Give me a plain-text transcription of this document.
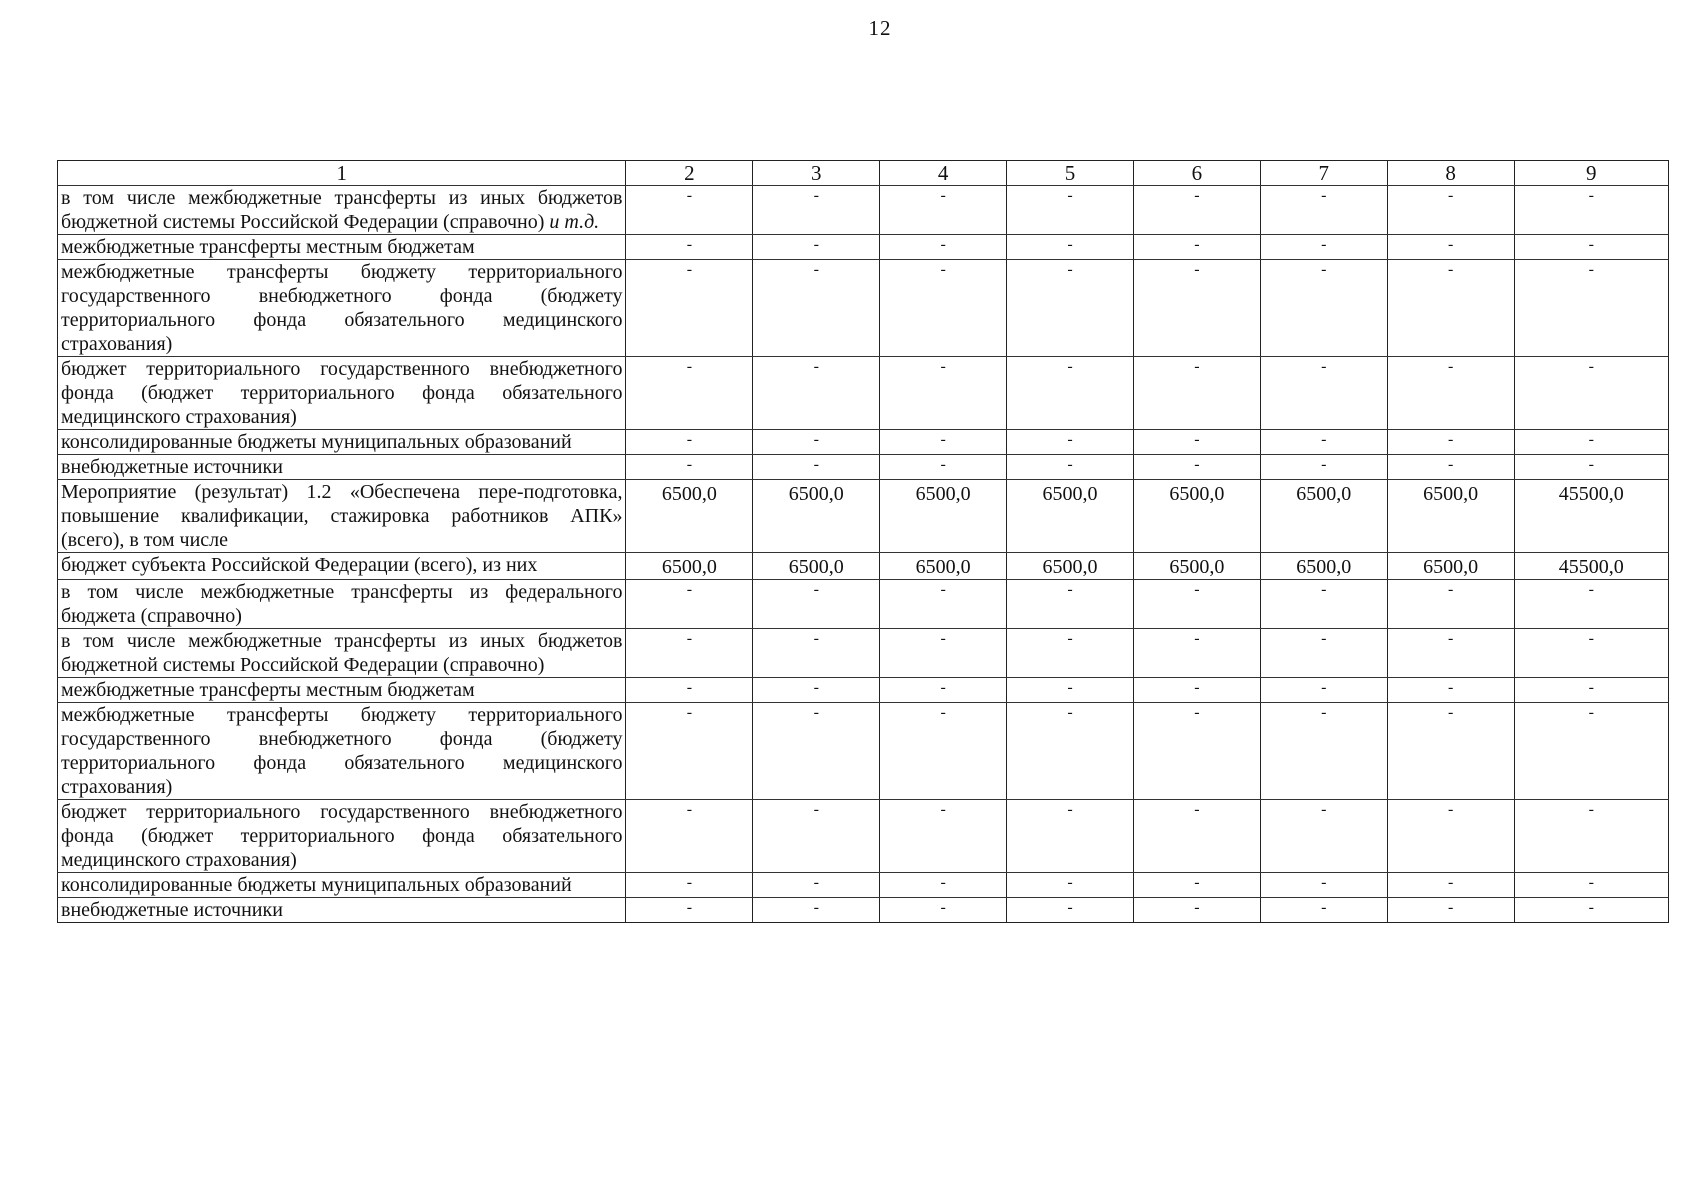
12
1	2	3	4	5	6	7	8	9
в том числе межбюджетные трансферты из иных бюджетов бюджетной системы Российской Федерации (справочно) и т.д.	-	-	-	-	-	-	-	-
межбюджетные трансферты местным бюджетам	-	-	-	-	-	-	-	-
межбюджетные трансферты бюджету территориального государственного внебюджетного фонда (бюджету территориального фонда обязательного медицинского страхования)	-	-	-	-	-	-	-	-
бюджет территориального государственного внебюджетного фонда (бюджет территориального фонда обязательного медицинского страхования)	-	-	-	-	-	-	-	-
консолидированные бюджеты муниципальных образований	-	-	-	-	-	-	-	-
внебюджетные источники	-	-	-	-	-	-	-	-
Мероприятие (результат) 1.2 «Обеспечена пере-подготовка, повышение квалификации, стажировка работников АПК» (всего), в том числе	6500,0	6500,0	6500,0	6500,0	6500,0	6500,0	6500,0	45500,0
бюджет субъекта Российской Федерации (всего), из них	6500,0	6500,0	6500,0	6500,0	6500,0	6500,0	6500,0	45500,0
в том числе межбюджетные трансферты из федерального бюджета (справочно)	-	-	-	-	-	-	-	-
в том числе межбюджетные трансферты из иных бюджетов бюджетной системы Российской Федерации (справочно)	-	-	-	-	-	-	-	-
межбюджетные трансферты местным бюджетам	-	-	-	-	-	-	-	-
межбюджетные трансферты бюджету территориального государственного внебюджетного фонда (бюджету территориального фонда обязательного медицинского страхования)	-	-	-	-	-	-	-	-
бюджет территориального государственного внебюджетного фонда (бюджет территориального фонда обязательного медицинского страхования)	-	-	-	-	-	-	-	-
консолидированные бюджеты муниципальных образований	-	-	-	-	-	-	-	-
внебюджетные источники	-	-	-	-	-	-	-	-
